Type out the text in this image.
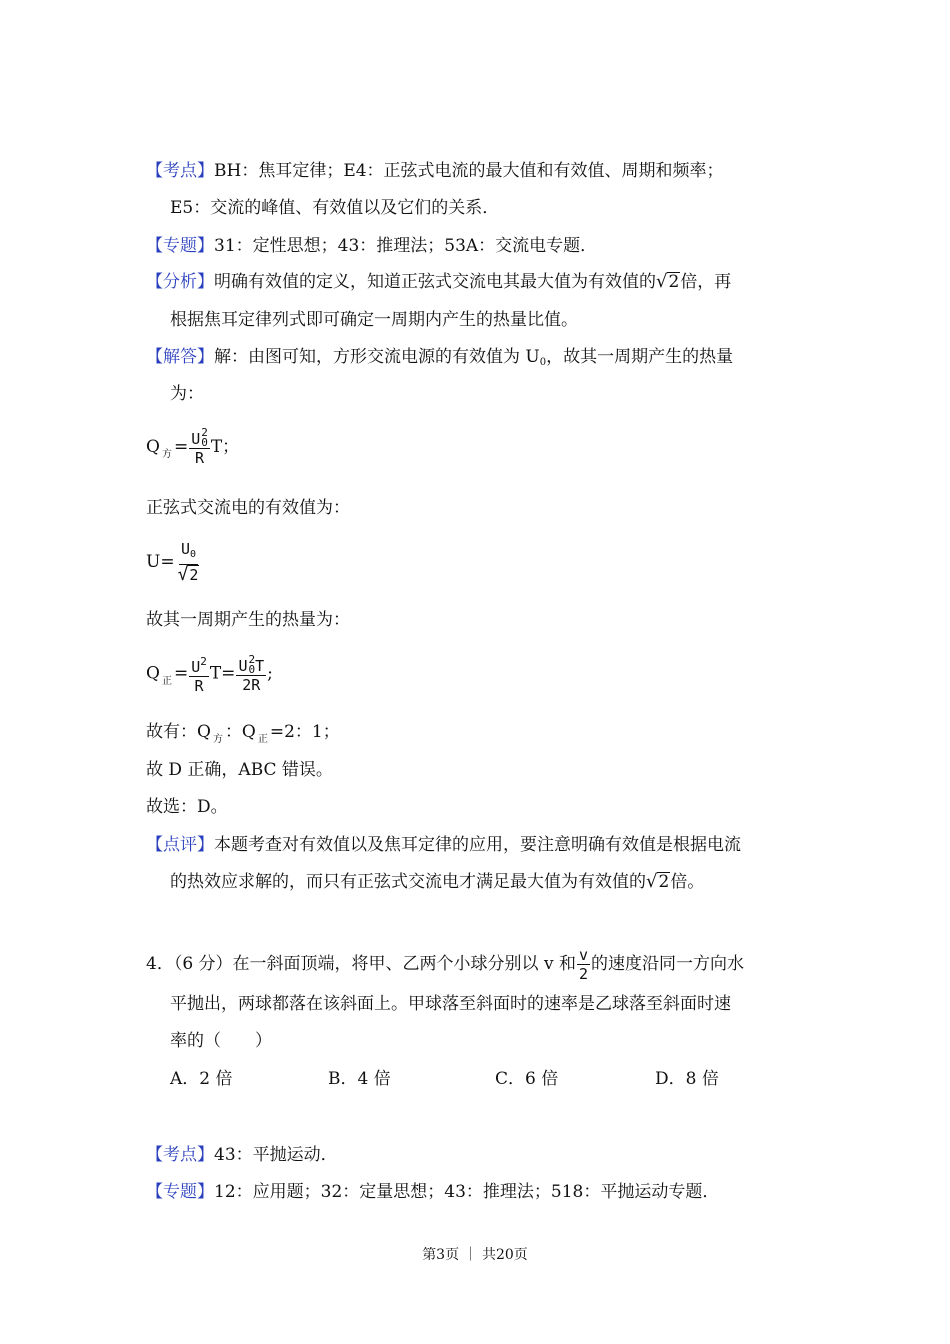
【考点】BH：焦耳定律；E4：正弦式电流的最大值和有效值、周期和频率；
E5：交流的峰值、有效值以及它们的关系．
【专题】31：定性思想；43：推理法；53A：交流电专题．
【分析】明确有效值的定义，知道正弦式交流电其最大值为有效值的 √ 2 倍，再
根据焦耳定律列式即可确定一周期内产生的热量比值。
【解答】解：由图可知，方形交流电源的有效值为 $U_0$，故其一周期产生的热量
为：
Q $_方$ = U 2
0
R T；
正弦式交流电的有效值为：
$U= \frac{U_0}{√ 2}$
故其一周期产生的热量为：
Q $_正 = \frac{U^2}{R} T= U$ 2
0 T
2R ;
故有：Q $_方$ ：Q $_正$ =2：1；
故 D 正确，ABC 错误。
故选：D。
【点评】本题考查对有效值以及焦耳定律的应用，要注意明确有效值是根据电流
的热效应求解的，而只有正弦式交流电才满足最大值为有效值的 √ 2 倍。
4．（6 分）在一斜面顶端，将甲、乙两个小球分别以 v 和 $\frac{v}{2}$ 的速度沿同一方向水
平抛出，两球都落在该斜面上。甲球落至斜面时的速率是乙球落至斜面时速
率的（　　）
A．2 倍	B．4 倍	C．6 倍	D．8 倍
【考点】43：平抛运动．
【专题】12：应用题；32：定量思想；43：推理法；518：平抛运动专题．
第3页 ｜ 共20页
